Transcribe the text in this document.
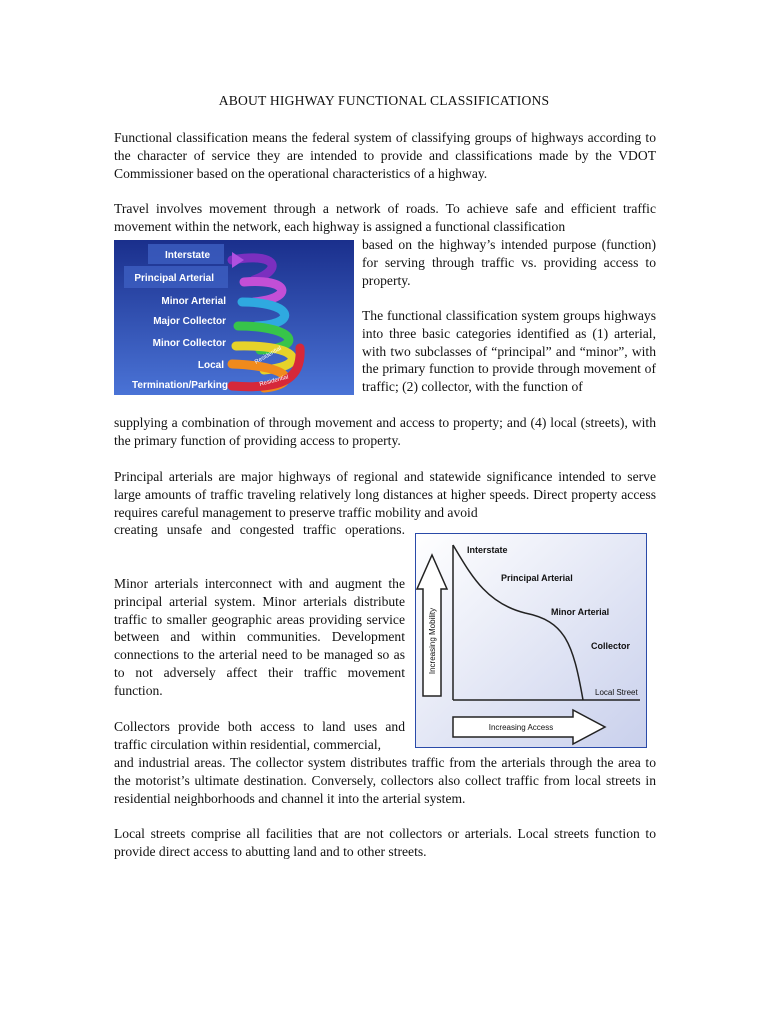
ABOUT HIGHWAY FUNCTIONAL CLASSIFICATIONS

Functional classification means the federal system of classifying groups of highways according to the character of service they are intended to provide and classifications made by the VDOT Commissioner based on the operational characteristics of a highway.

Travel involves movement through a network of roads. To achieve safe and efficient traffic movement within the network, each highway is assigned a functional classification

based on the highway’s intended purpose (function) for serving through traffic vs. providing access to property.

The functional classification system groups highways into three basic categories identified as (1) arterial, with two subclasses of “principal” and “minor”, with the primary function to provide through movement of traffic; (2) collector, with the function of

supplying a combination of through movement and access to property; and (4) local (streets), with the primary function of providing access to property.

Principal arterials are major highways of regional and statewide significance intended to serve large amounts of traffic traveling relatively long distances at higher speeds. Direct property access requires careful management to preserve traffic mobility and avoid

creating unsafe and congested traffic operations.

Minor arterials interconnect with and augment the principal arterial system. Minor arterials distribute traffic to smaller geographic areas providing service between and within communities. Development connections to the arterial need to be managed so as to not adversely affect their traffic movement function.

Collectors provide both access to land uses and traffic circulation within residential, commercial,

and industrial areas. The collector system distributes traffic from the arterials through the area to the motorist’s ultimate destination. Conversely, collectors also collect traffic from local streets in residential neighborhoods and channel it into the arterial system.

Local streets comprise all facilities that are not collectors or arterials. Local streets function to provide direct access to abutting land and to other streets.

Interstate
Principal Arterial
Minor Arterial
Major Collector
Minor Collector
Local
Termination/Parking
Residential
Residential
Increasing Mobility
Increasing Access
Interstate
Principal Arterial
Minor Arterial
Collector
Local Street
